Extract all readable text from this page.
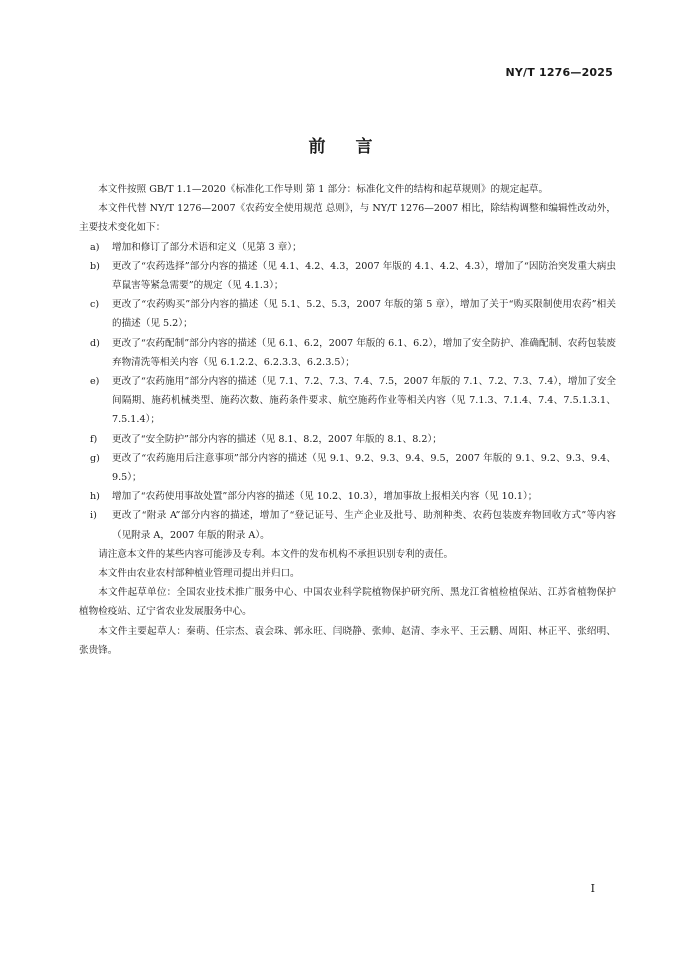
NY/T 1276—2025
前言

本文件按照 GB/T 1.1—2020《标准化工作导则 第 1 部分：标准化文件的结构和起草规则》的规定起草。

本文件代替 NY/T 1276—2007《农药安全使用规范 总则》，与 NY/T 1276—2007 相比，除结构调整和编辑性改动外，主要技术变化如下：

a) 增加和修订了部分术语和定义（见第 3 章）；
b) 更改了“农药选择”部分内容的描述（见 4.1、4.2、4.3，2007 年版的 4.1、4.2、4.3），增加了“因防治突发重大病虫草鼠害等紧急需要”的规定（见 4.1.3）；
c) 更改了“农药购买”部分内容的描述（见 5.1、5.2、5.3，2007 年版的第 5 章），增加了关于“购买限制使用农药”相关的描述（见 5.2）；
d) 更改了“农药配制”部分内容的描述（见 6.1、6.2，2007 年版的 6.1、6.2），增加了安全防护、准确配制、农药包装废弃物清洗等相关内容（见 6.1.2.2、6.2.3.3、6.2.3.5）；
e) 更改了“农药施用”部分内容的描述（见 7.1、7.2、7.3、7.4、7.5，2007 年版的 7.1、7.2、7.3、7.4），增加了安全间隔期、施药机械类型、施药次数、施药条件要求、航空施药作业等相关内容（见 7.1.3、7.1.4、7.4、7.5.1.3.1、7.5.1.4）；
f) 更改了“安全防护”部分内容的描述（见 8.1、8.2，2007 年版的 8.1、8.2）；
g) 更改了“农药施用后注意事项”部分内容的描述（见 9.1、9.2、9.3、9.4、9.5，2007 年版的 9.1、9.2、9.3、9.4、9.5）；
h) 增加了“农药使用事故处置”部分内容的描述（见 10.2、10.3），增加事故上报相关内容（见 10.1）；
i) 更改了“附录 A”部分内容的描述，增加了“登记证号、生产企业及批号、助剂种类、农药包装废弃物回收方式”等内容（见附录 A，2007 年版的附录 A）。

请注意本文件的某些内容可能涉及专利。本文件的发布机构不承担识别专利的责任。

本文件由农业农村部种植业管理司提出并归口。

本文件起草单位：全国农业技术推广服务中心、中国农业科学院植物保护研究所、黑龙江省植检植保站、江苏省植物保护植物检疫站、辽宁省农业发展服务中心。

本文件主要起草人：秦萌、任宗杰、袁会珠、郭永旺、闫晓静、张帅、赵清、李永平、王云鹏、周阳、林正平、张绍明、张贵锋。

I
